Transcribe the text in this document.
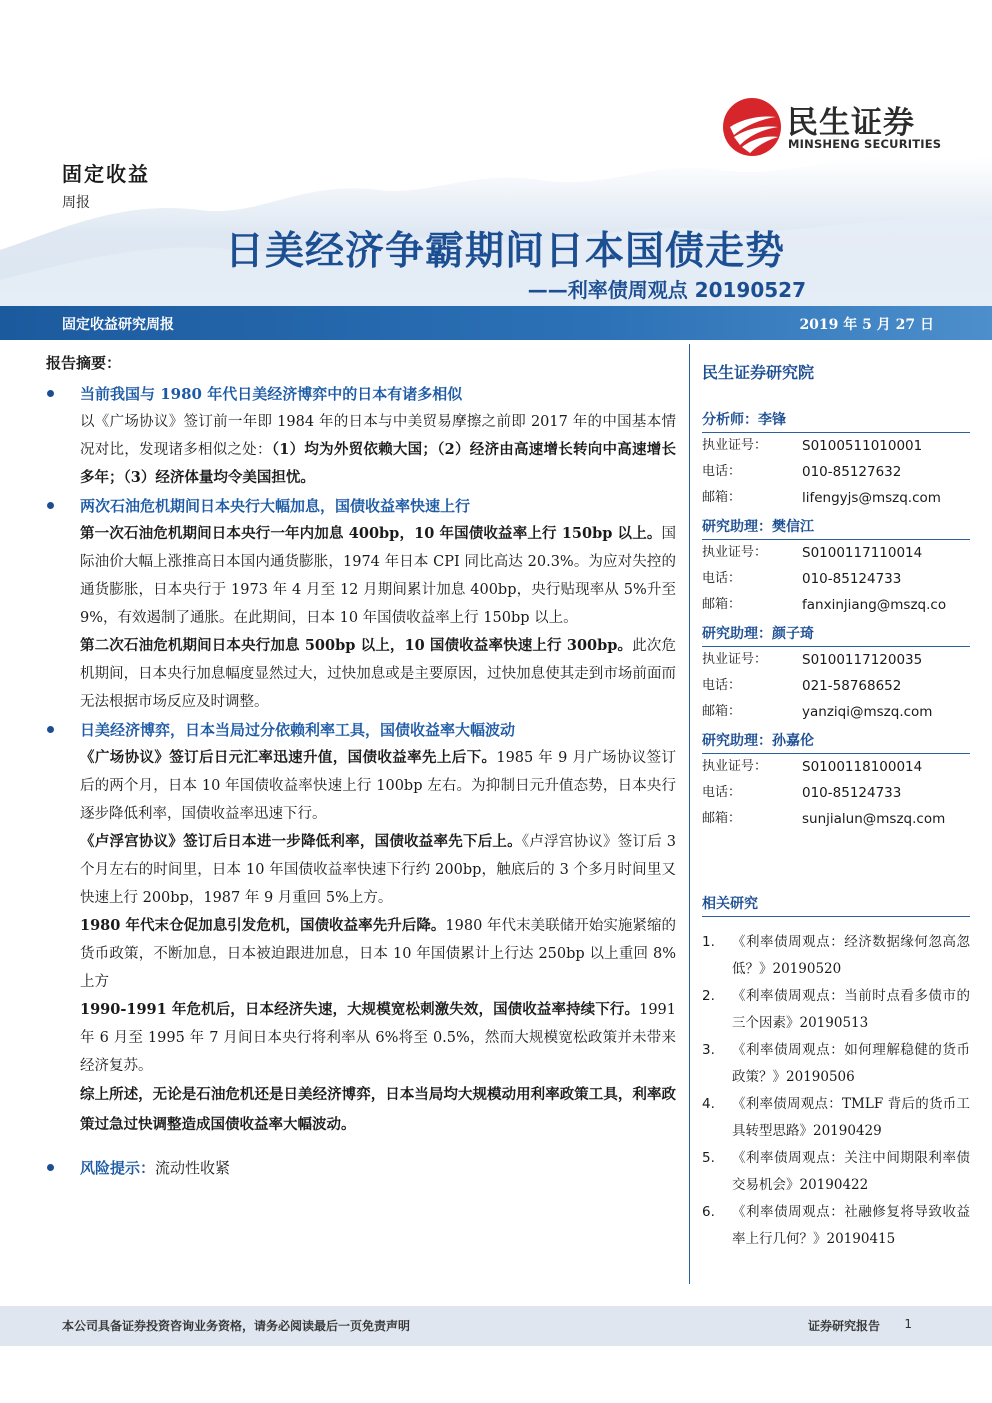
民生证券
MINSHENG SECURITIES
固定收益
周报
日美经济争霸期间日本国债走势
——利率债周观点 20190527
固定收益研究周报	2019 年 5 月 27 日
报告摘要：
当前我国与 1980 年代日美经济博弈中的日本有诸多相似

以《广场协议》签订前一年即 1984 年的日本与中美贸易摩擦之前即 2017 年的中国基本情况对比，发现诸多相似之处：（1）均为外贸依赖大国；（2）经济由高速增长转向中高速增长多年；（3）经济体量均令美国担忧。

两次石油危机期间日本央行大幅加息，国债收益率快速上行

第一次石油危机期间日本央行一年内加息 400bp，10 年国债收益率上行 150bp 以上。国际油价大幅上涨推高日本国内通货膨胀，1974 年日本 CPI 同比高达 20.3%。为应对失控的通货膨胀，日本央行于 1973 年 4 月至 12 月期间累计加息 400bp，央行贴现率从 5%升至 9%，有效遏制了通胀。在此期间，日本 10 年国债收益率上行 150bp 以上。

第二次石油危机期间日本央行加息 500bp 以上，10 国债收益率快速上行 300bp。此次危机期间，日本央行加息幅度显然过大，过快加息或是主要原因，过快加息使其走到市场前面而无法根据市场反应及时调整。

日美经济博弈，日本当局过分依赖利率工具，国债收益率大幅波动

《广场协议》签订后日元汇率迅速升值，国债收益率先上后下。1985 年 9 月广场协议签订后的两个月，日本 10 年国债收益率快速上行 100bp 左右。为抑制日元升值态势，日本央行逐步降低利率，国债收益率迅速下行。

《卢浮宫协议》签订后日本进一步降低利率，国债收益率先下后上。《卢浮宫协议》签订后 3 个月左右的时间里，日本 10 年国债收益率快速下行约 200bp，触底后的 3 个多月时间里又快速上行 200bp，1987 年 9 月重回 5%上方。

1980 年代末仓促加息引发危机，国债收益率先升后降。1980 年代末美联储开始实施紧缩的货币政策，不断加息，日本被迫跟进加息，日本 10 年国债累计上行达 250bp 以上重回 8%上方

1990-1991 年危机后，日本经济失速，大规模宽松刺激失效，国债收益率持续下行。1991 年 6 月至 1995 年 7 月间日本央行将利率从 6%将至 0.5%，然而大规模宽松政策并未带来经济复苏。

综上所述，无论是石油危机还是日美经济博弈，日本当局均大规模动用利率政策工具，利率政策过急过快调整造成国债收益率大幅波动。

风险提示：流动性收紧
民生证券研究院
分析师：李锋
执业证号：	S0100511010001
电话：	010-85127632
邮箱：	lifengyjs@mszq.com
研究助理：樊信江
执业证号：	S0100117110014
电话：	010-85124733
邮箱：	fanxinjiang@mszq.co
研究助理：颜子琦
执业证号：	S0100117120035
电话：	021-58768652
邮箱：	yanziqi@mszq.com
研究助理：孙嘉伦
执业证号：	S0100118100014
电话：	010-85124733
邮箱：	sunjialun@mszq.com
相关研究
1.	《利率债周观点：经济数据缘何忽高忽低？》20190520
2.	《利率债周观点：当前时点看多债市的三个因素》20190513
3.	《利率债周观点：如何理解稳健的货币政策？》20190506
4.	《利率债周观点：TMLF 背后的货币工具转型思路》20190429
5.	《利率债周观点：关注中间期限利率债交易机会》20190422
6.	《利率债周观点：社融修复将导致收益率上行几何？》20190415
本公司具备证券投资咨询业务资格，请务必阅读最后一页免责声明	证券研究报告 1
